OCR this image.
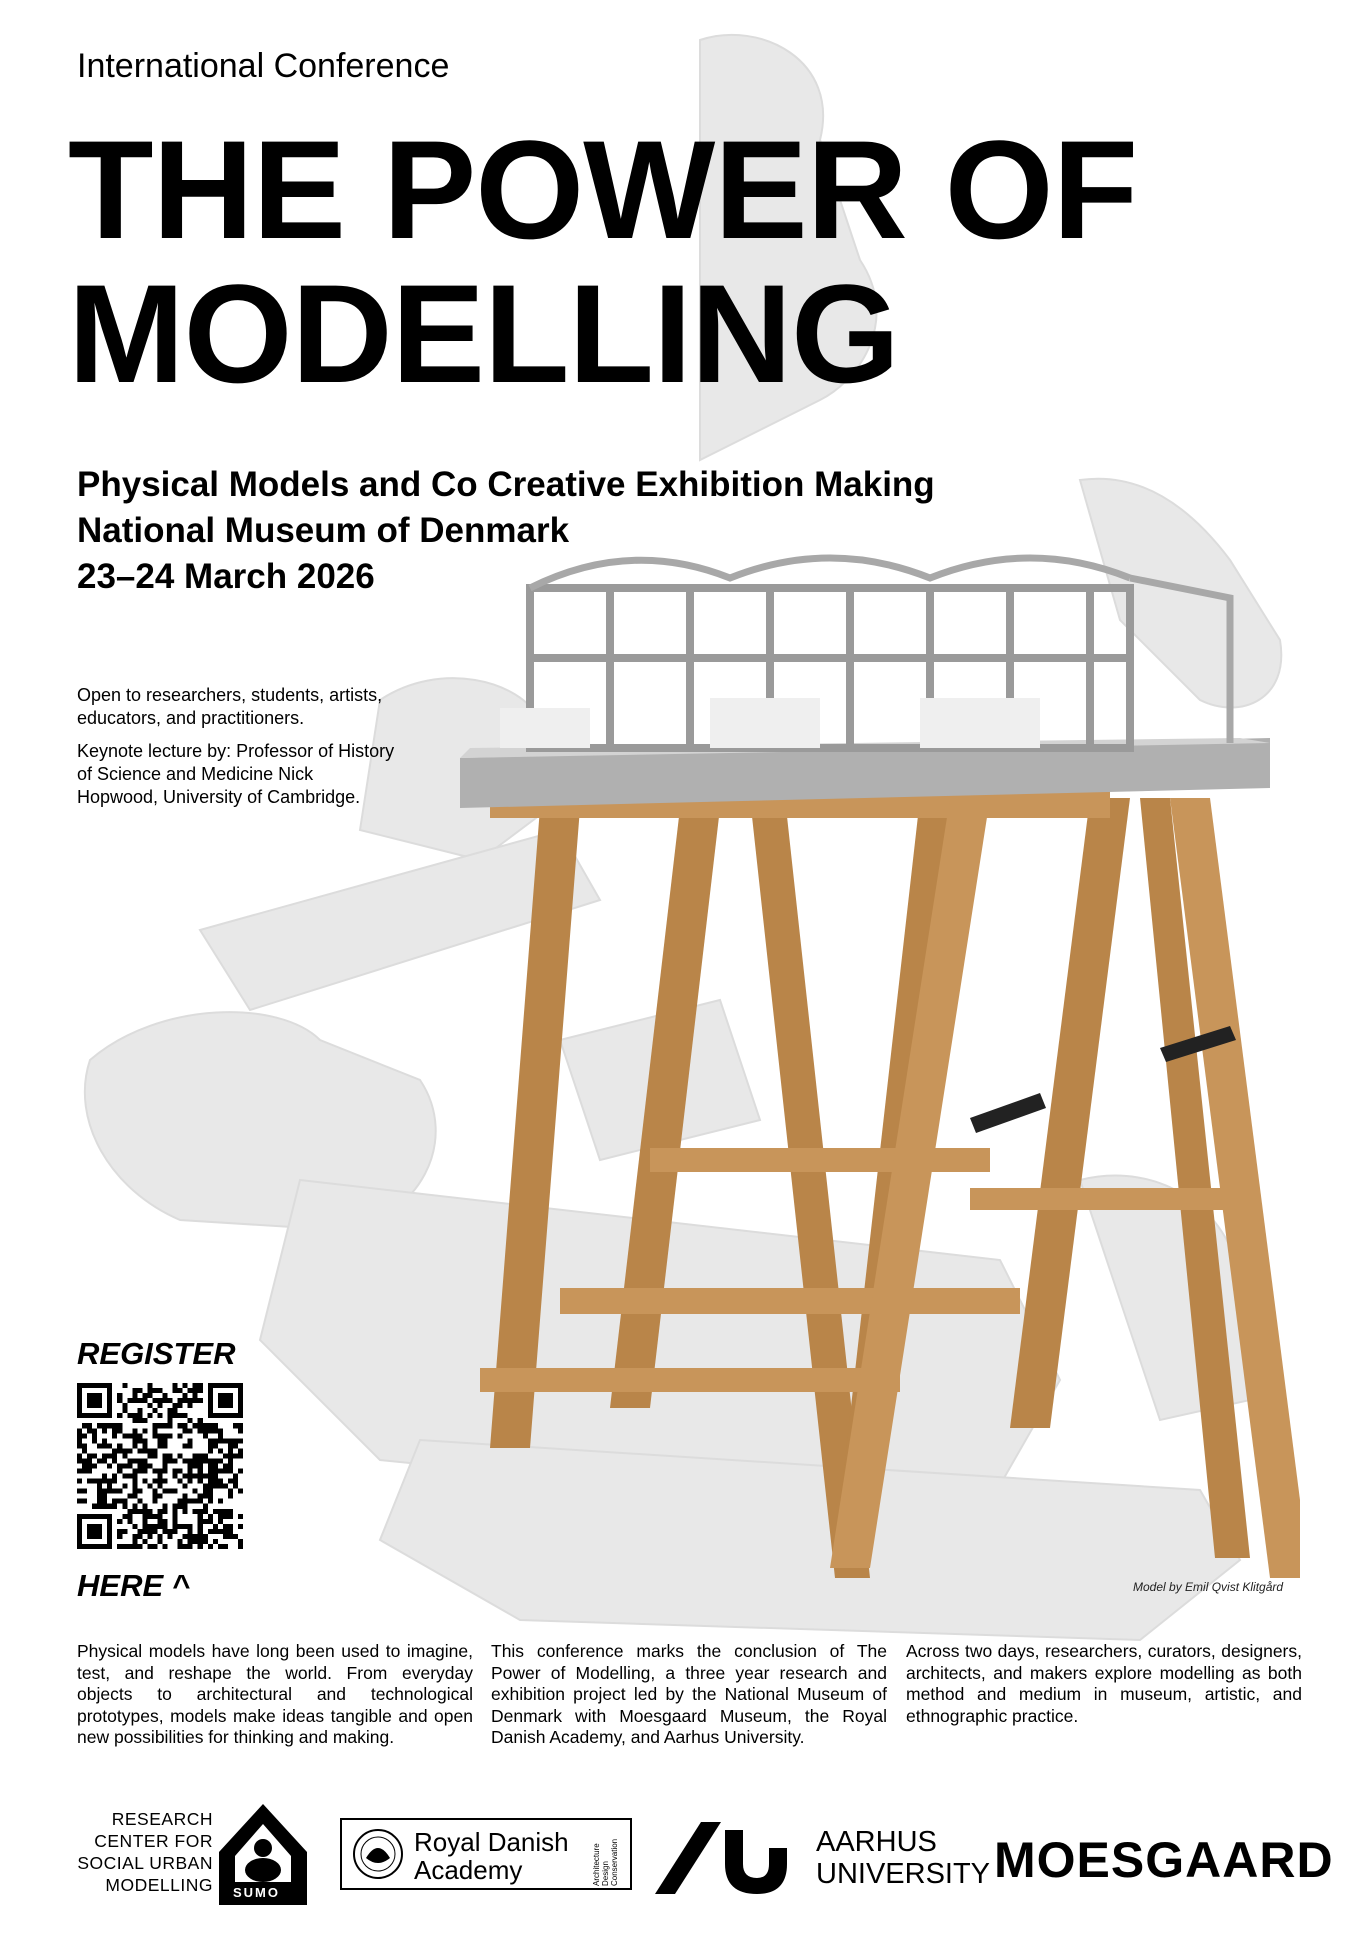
International Conference
THE POWER OF
MODELLING
Physical Models and Co Creative Exhibition Making
National Museum of Denmark
23–24 March 2026

Open to researchers, students, artists, educators, and practitioners.

Keynote lecture by: Professor of History of Science and Medicine Nick Hopwood, University of Cambridge.

REGISTER
HERE ^	Model by Emil Qvist Klitgård
Physical models have long been used to imagine, test, and reshape the world. From everyday objects to architectural and technological prototypes, models make ideas tangible and open new possibilities for thinking and making.
This conference marks the conclusion of The Power of Modelling, a three year research and exhibition project led by the National Museum of Denmark with Moesgaard Museum, the Royal Danish Academy, and Aarhus University.
Across two days, researchers, curators, designers, architects, and makers explore modelling as both method and medium in museum, artistic, and ethnographic practice.
RESEARCH
CENTER FOR
SOCIAL URBAN
MODELLING SUMO
Royal Danish
Academy	Architecture Design Conservation	AARHUS
UNIVERSITY MOESGAARD
